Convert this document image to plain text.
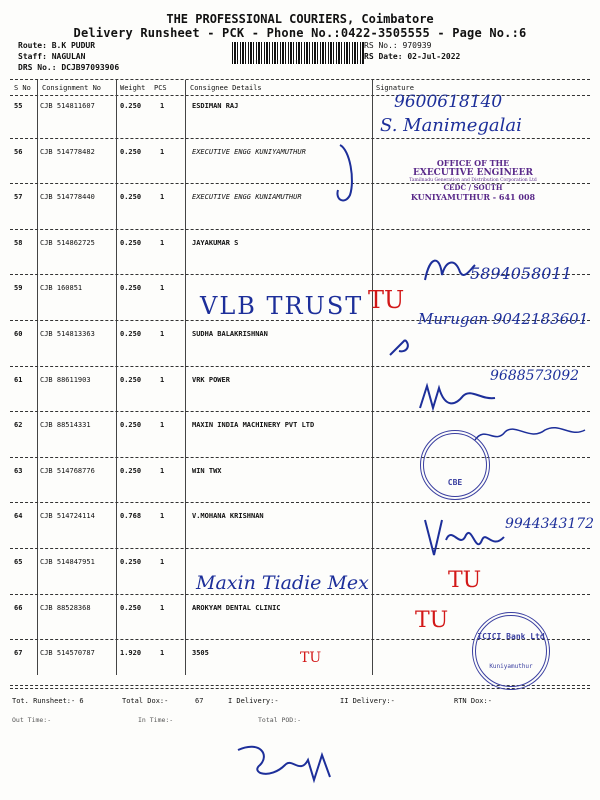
THE PROFESSIONAL COURIERS, Coimbatore
Delivery Runsheet - PCK - Phone No.:0422-3505555 - Page No.:6
Route: B.K PUDUR
Staff: NAGULAN
DRS No.: DCJB97093906
RS No.: 970939
RS Date: 02-Jul-2022
S No Consignment No	Weight PCS	Consignee Details	Signature
55	CJB 514811607	0.250	1	ESDIMAN RAJ
56	CJB 514778482	0.250	1	EXECUTIVE ENGG KUNIYAMUTHUR
57	CJB 514778440	0.250	1	EXECUTIVE ENGG KUNIAMUTHUR
58	CJB 514862725	0.250	1	JAYAKUMAR S
59	CJB 160851	0.250	1
60	CJB 514813363	0.250	1	SUDHA BALAKRISHNAN
61	CJB 88611903	0.250	1	VRK POWER
62	CJB 88514331	0.250	1	MAXIN INDIA MACHINERY PVT LTD
63	CJB 514768776	0.250	1	WIN TWX
64	CJB 514724114	0.768	1	V.MOHANA KRISHNAN
65	CJB 514847951	0.250	1
66	CJB 88528368	0.250	1	AROKYAM DENTAL CLINIC
67	CJB 514570787	1.920	1	3505
Tot. Runsheet:- 6	Total Dox:-	67	I Delivery:-	II Delivery:-	RTN Dox:-
Out Time:-	In Time:-	Total POD:-
9600618140
S. Manimegalai
VLB TRUST
5894058011
Murugan 9042183601
9688573092
9944343172
Maxin Tiadie Mex
TU
TU
TU
TU
OFFICE OF THE
EXECUTIVE ENGINEER
Tamilnadu Generation and Distribution Corporation Ltd
CEDC / SOUTH
KUNIYAMUTHUR - 641 008
CBE
ICICI Bank Ltd
Kuniyamuthur
